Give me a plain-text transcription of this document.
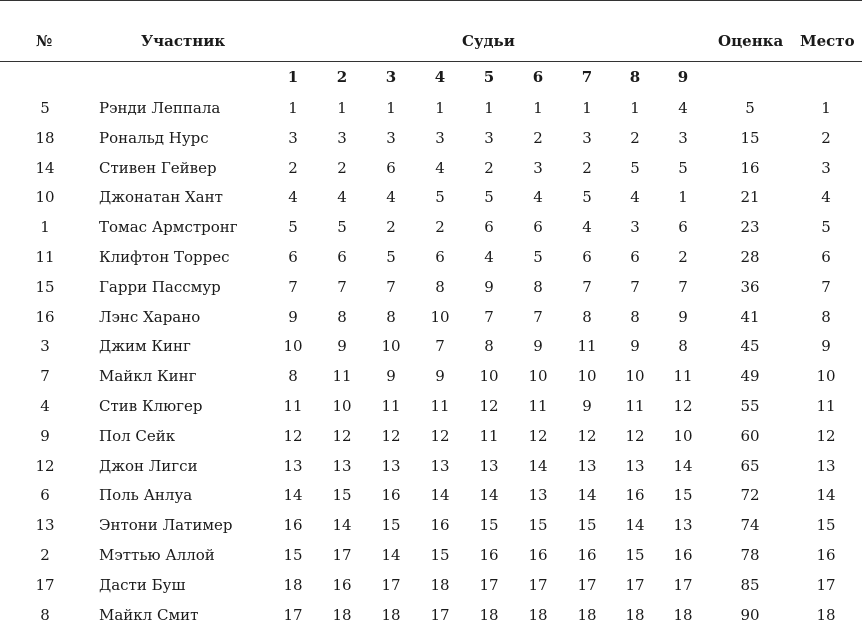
№	Участник	Судьи	Оценка Место
1	2	3	4	5	6	7	8	9
5	Рэнди Леппала	1	1	1	1	1	1	1	1	4	5	1
18	Рональд Нурс	3	3	3	3	3	2	3	2	3	15	2
14	Стивен Гейвер	2	2	6	4	2	3	2	5	5	16	3
10	Джонатан Хант	4	4	4	5	5	4	5	4	1	21	4
1	Томас Армстронг	5	5	2	2	6	6	4	3	6	23	5
11	Клифтон Торрес	6	6	5	6	4	5	6	6	2	28	6
15	Гарри Пассмур	7	7	7	8	9	8	7	7	7	36	7
16	Лэнс Харано	9	8	8	10	7	7	8	8	9	41	8
3	Джим Кинг	10	9	10	7	8	9	11	9	8	45	9
7	Майкл Кинг	8	11	9	9	10	10	10	10	11	49	10
4	Стив Клюгер	11	10	11	11	12	11	9	11	12	55	11
9	Пол Сейк	12	12	12	12	11	12	12	12	10	60	12
12	Джон Лигси	13	13	13	13	13	14	13	13	14	65	13
6	Поль Анлуа	14	15	16	14	14	13	14	16	15	72	14
13	Энтони Латимер	16	14	15	16	15	15	15	14	13	74	15
2	Мэттью Аллой	15	17	14	15	16	16	16	15	16	78	16
17	Дасти Буш	18	16	17	18	17	17	17	17	17	85	17
8	Майкл Смит	17	18	18	17	18	18	18	18	18	90	18
